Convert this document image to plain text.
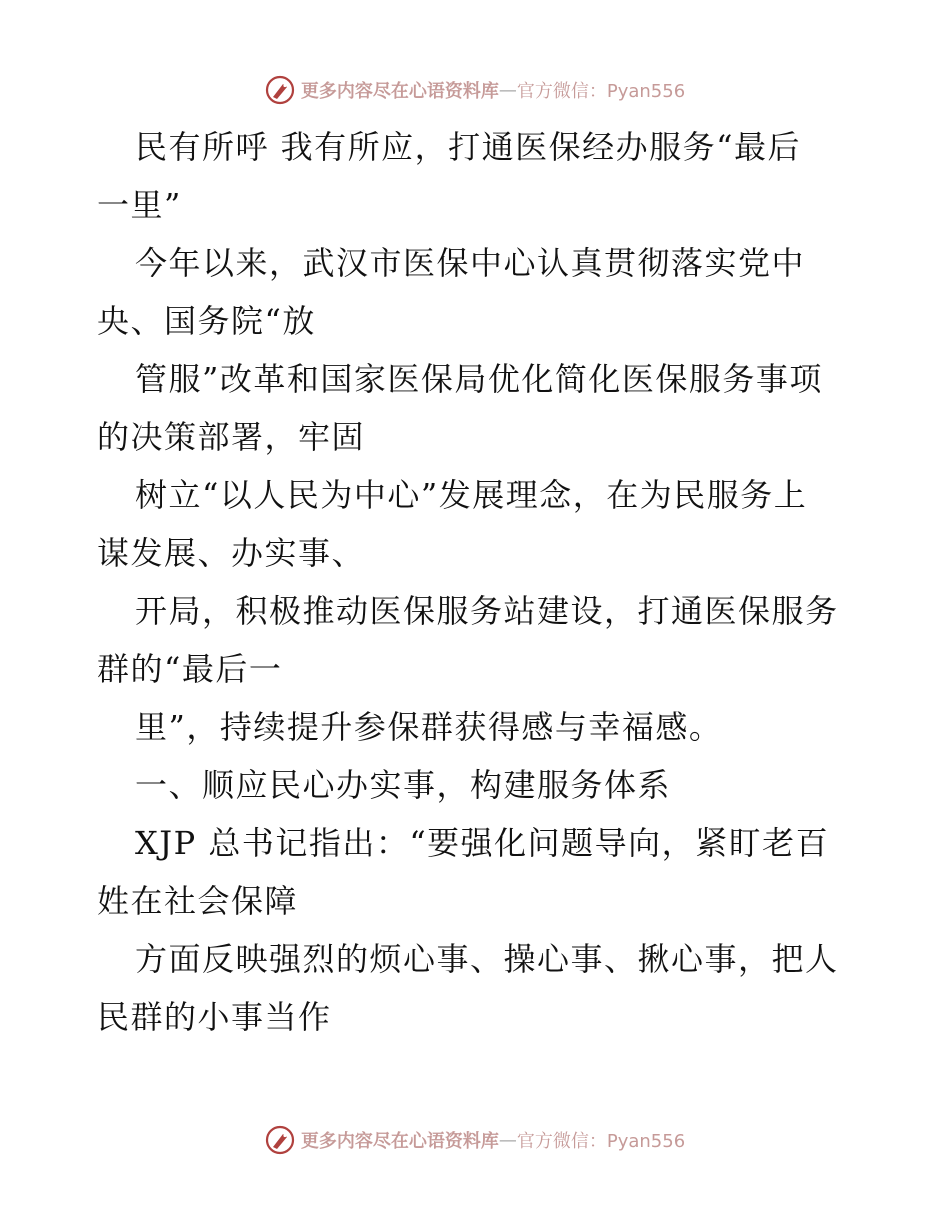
更多内容尽在心语资料库 — 官方微信：Pyan556
民有所呼 我有所应，打通医保经办服务“最后
一里”
今年以来，武汉市医保中心认真贯彻落实党中
央、国务院“放
管服”改革和国家医保局优化简化医保服务事项
的决策部署，牢固
树立“以人民为中心”发展理念，在为民服务上
谋发展、办实事、
开局，积极推动医保服务站建设，打通医保服务
群的“最后一
里”，持续提升参保群获得感与幸福感。
一、顺应民心办实事，构建服务体系
XJP 总书记指出：“要强化问题导向，紧盯老百
姓在社会保障
方面反映强烈的烦心事、操心事、揪心事，把人
民群的小事当作
更多内容尽在心语资料库 — 官方微信：Pyan556
